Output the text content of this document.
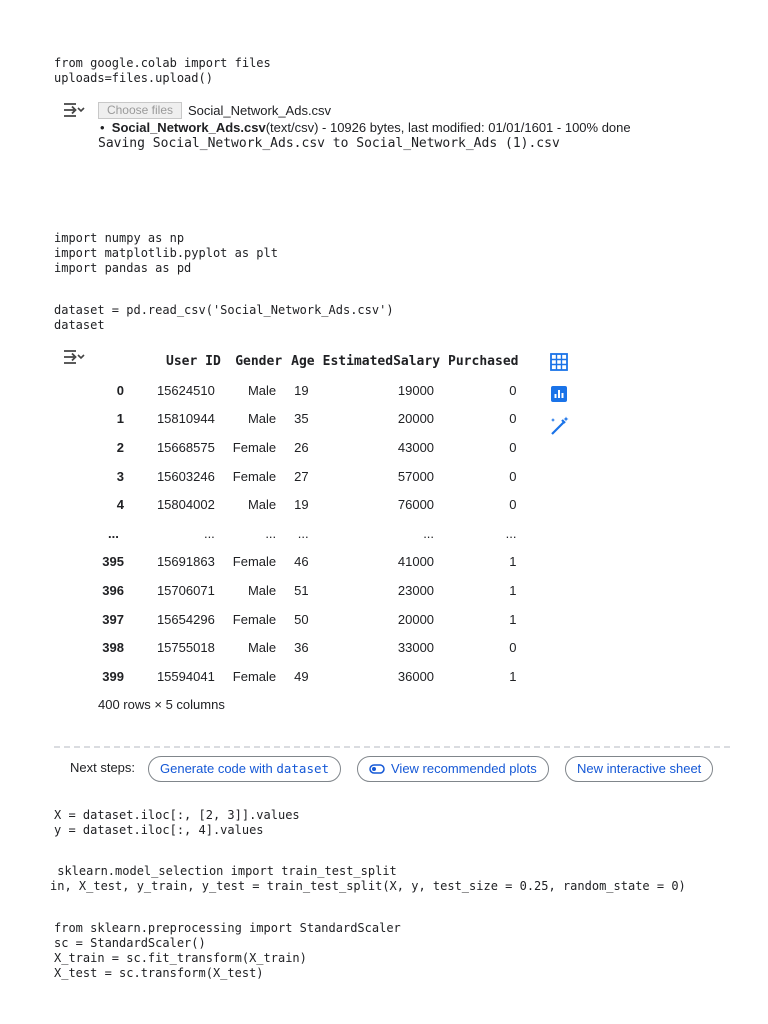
from google.colab import files
uploads=files.upload()
Choose files	Social_Network_Ads.csv
•  Social_Network_Ads.csv(text/csv) - 10926 bytes, last modified: 01/01/1601 - 100% done
Saving Social_Network_Ads.csv to Social_Network_Ads (1).csv
import numpy as np
import matplotlib.pyplot as plt
import pandas as pd
dataset = pd.read_csv('Social_Network_Ads.csv')
dataset
	User ID	Gender	Age	EstimatedSalary	Purchased
0	15624510	Male	19	19000	0
1	15810944	Male	35	20000	0
2	15668575	Female	26	43000	0
3	15603246	Female	27	57000	0
4	15804002	Male	19	76000	0
...	...	...	...	...	...
395	15691863	Female	46	41000	1
396	15706071	Male	51	23000	1
397	15654296	Female	50	20000	1
398	15755018	Male	36	33000	0
399	15594041	Female	49	36000	1
400 rows × 5 columns
Next steps:	Generate code with dataset	View recommended plots	New interactive sheet
X = dataset.iloc[:, [2, 3]].values
y = dataset.iloc[:, 4].values
sklearn.model_selection import train_test_split
in, X_test, y_train, y_test = train_test_split(X, y, test_size = 0.25, random_state = 0)
from sklearn.preprocessing import StandardScaler
sc = StandardScaler()
X_train = sc.fit_transform(X_train)
X_test = sc.transform(X_test)
